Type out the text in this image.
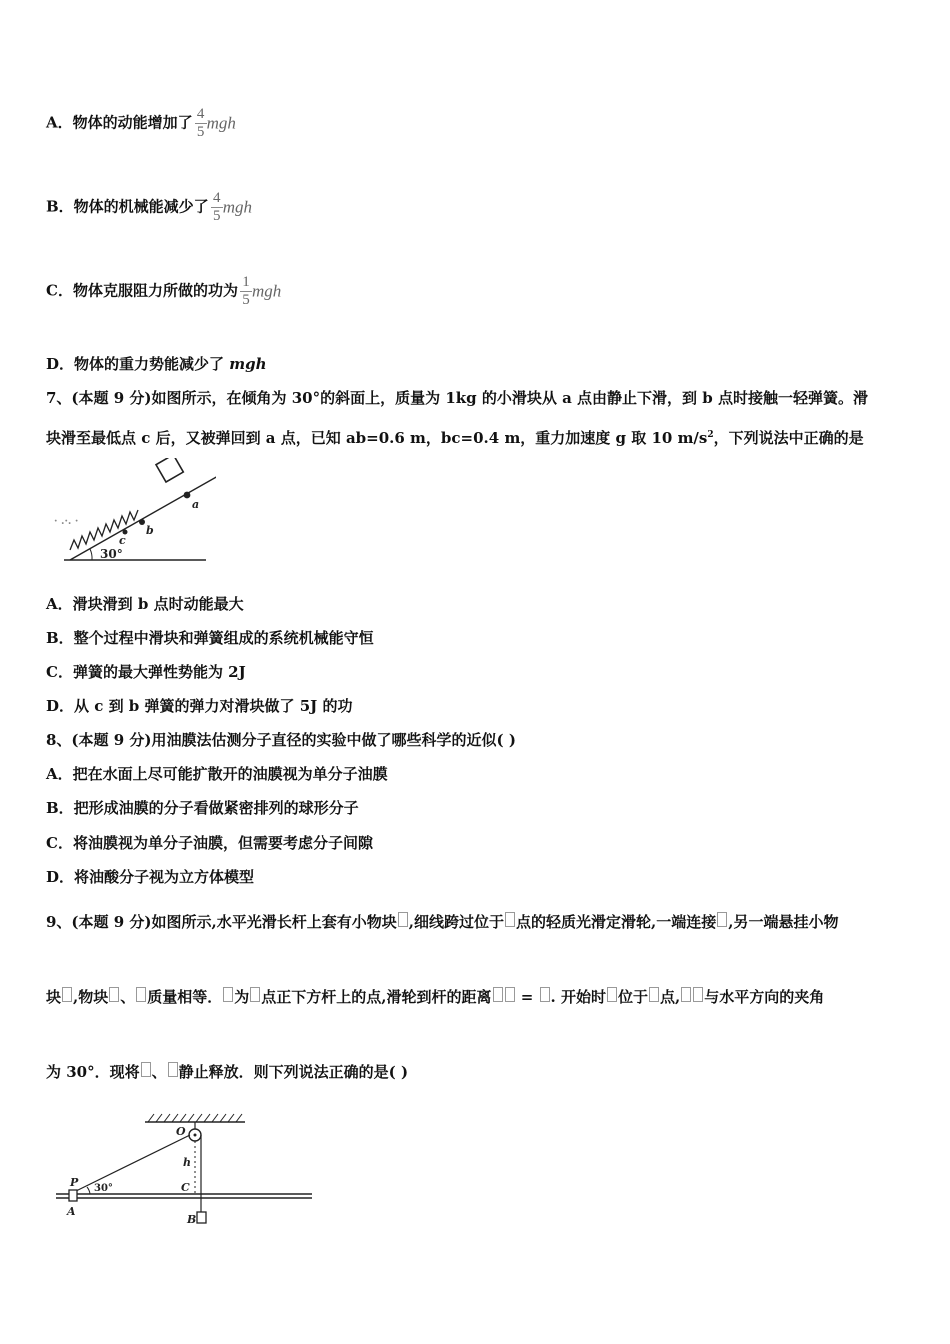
A．物体的动能增加了 $\frac{4}{5}$ mgh
B．物体的机械能减少了 $\frac{4}{5}$ mgh
C．物体克服阻力所做的功为 $\frac{1}{5}$ mgh
D．物体的重力势能减少了 mgh
7、(本题 9 分)如图所示，在倾角为 30°的斜面上，质量为 1kg 的小滑块从 a 点由静止下滑，到 b 点时接触一轻弹簧。滑
块滑至最低点 c 后，又被弹回到 a 点，已知 ab=0.6 m，bc=0.4 m，重力加速度 g 取 10 $m/s^2$，下列说法中正确的是
· .·. ·
c
b
a
30°
A．滑块滑到 b 点时动能最大
B．整个过程中滑块和弹簧组成的系统机械能守恒
C．弹簧的最大弹性势能为 2J
D．从 c 到 b 弹簧的弹力对滑块做了 5J 的功
8、(本题 9 分)用油膜法估测分子直径的实验中做了哪些科学的近似( )
A．把在水面上尽可能扩散开的油膜视为单分子油膜
B．把形成油膜的分子看做紧密排列的球形分子
C．将油膜视为单分子油膜，但需要考虑分子间隙
D．将油酸分子视为立方体模型
9、(本题 9 分)如图所示,水平光滑长杆上套有小物块 ,细线跨过位于 点的轻质光滑定滑轮,一端连接 ,另一端悬挂小物
块 ,物块 、 质量相等． 为 点正下方杆上的点,滑轮到杆的距离 = . 开始时 位于 点, 与水平方向的夹角
为 30°．现将 、 静止释放．则下列说法正确的是( )
O
h
P 30°	C
A
B
